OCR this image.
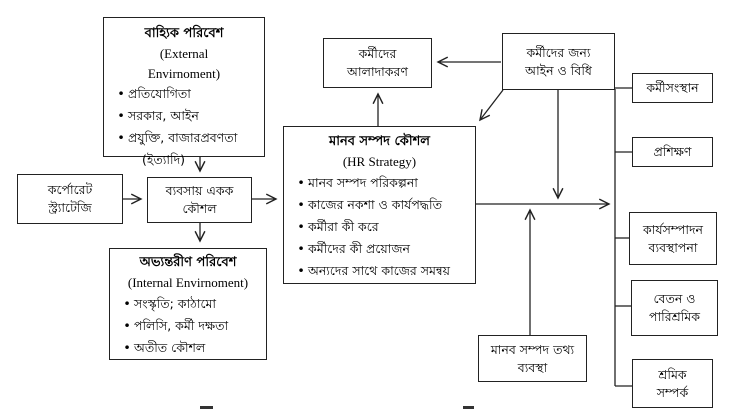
বাহ্যিক পরিবেশ
(External
Envirnoment)
• প্রতিযোগিতা
• সরকার, আইন
• প্রযুক্তি, বাজারপ্রবণতা
(ইত্যাদি)
কর্পোরেট
স্ট্র্যাটেজি
ব্যবসায় একক
কৌশল
অভ্যন্তরীণ পরিবেশ
(Internal Envirnoment)
• সংস্কৃতি; কাঠামো
• পলিসি, কর্মী দক্ষতা
• অতীত কৌশল
মানব সম্পদ কৌশল
(HR Strategy)
• মানব সম্পদ পরিকল্পনা
• কাজের নকশা ও কার্যপদ্ধতি
• কর্মীরা কী করে
• কর্মীদের কী প্রয়োজন
• অন্যদের সাথে কাজের সমন্বয়
কর্মীদের
আলাদাকরণ
কর্মীদের জন্য
আইন ও বিধি
কর্মীসংস্থান
প্রশিক্ষণ
কার্যসম্পাদন
ব্যবস্থাপনা
বেতন ও
পারিশ্রমিক
শ্রমিক
সম্পর্ক
মানব সম্পদ তথ্য
ব্যবস্থা
